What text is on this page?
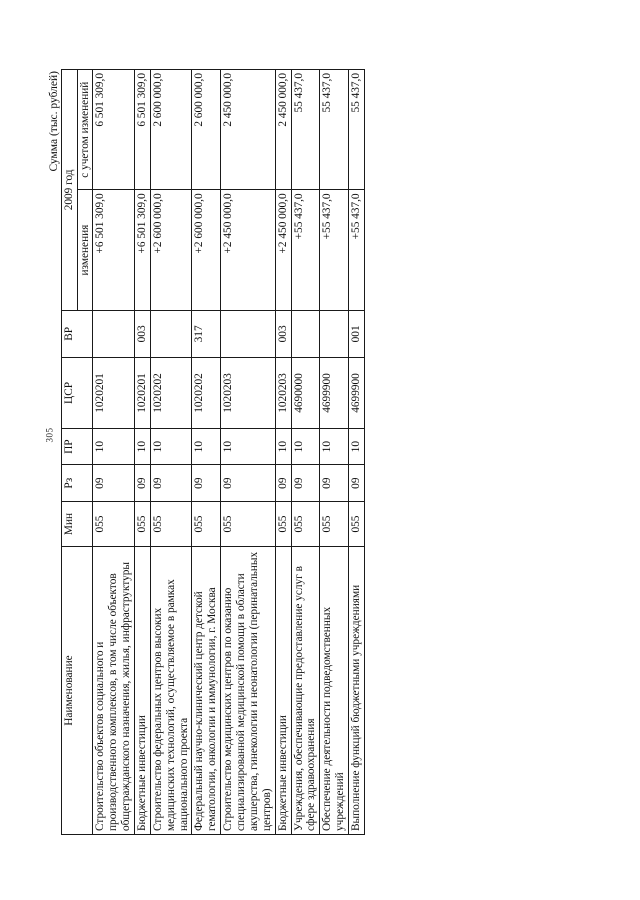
305
Сумма (тыс. рублей)
Наименование	Мин	Рз	ПР	ЦСР	ВР	2009 год	
						изменения	с учетом изменений

Строительство объектов социального и производственного комплексов, в том числе объектов общегражданского назначения, жилья, инфраструктуры	055	09	10	1020201		+6 501 309,0	6 501 309,0
Бюджетные инвестиции	055	09	10	1020201	003	+6 501 309,0	6 501 309,0
Строительство федеральных центров высоких медицинских технологий, осуществляемое в рамках национального проекта	055	09	10	1020202		+2 600 000,0	2 600 000,0
Федеральный научно-клинический центр детской гематологии, онкологии и иммунологии, г. Москва	055	09	10	1020202	317	+2 600 000,0	2 600 000,0
Строительство медицинских центров по оказанию специализированной медицинской помощи в области акушерства, гинекологии и неонатологии (перинатальных центров)	055	09	10	1020203		+2 450 000,0	2 450 000,0
Бюджетные инвестиции	055	09	10	1020203	003	+2 450 000,0	2 450 000,0
Учреждения, обеспечивающие предоставление услуг в сфере здравоохранения	055	09	10	4690000		+55 437,0	55 437,0
Обеспечение деятельности подведомственных учреждений	055	09	10	4699900		+55 437,0	55 437,0
Выполнение функций бюджетными учреждениями	055	09	10	4699900	001	+55 437,0	55 437,0
